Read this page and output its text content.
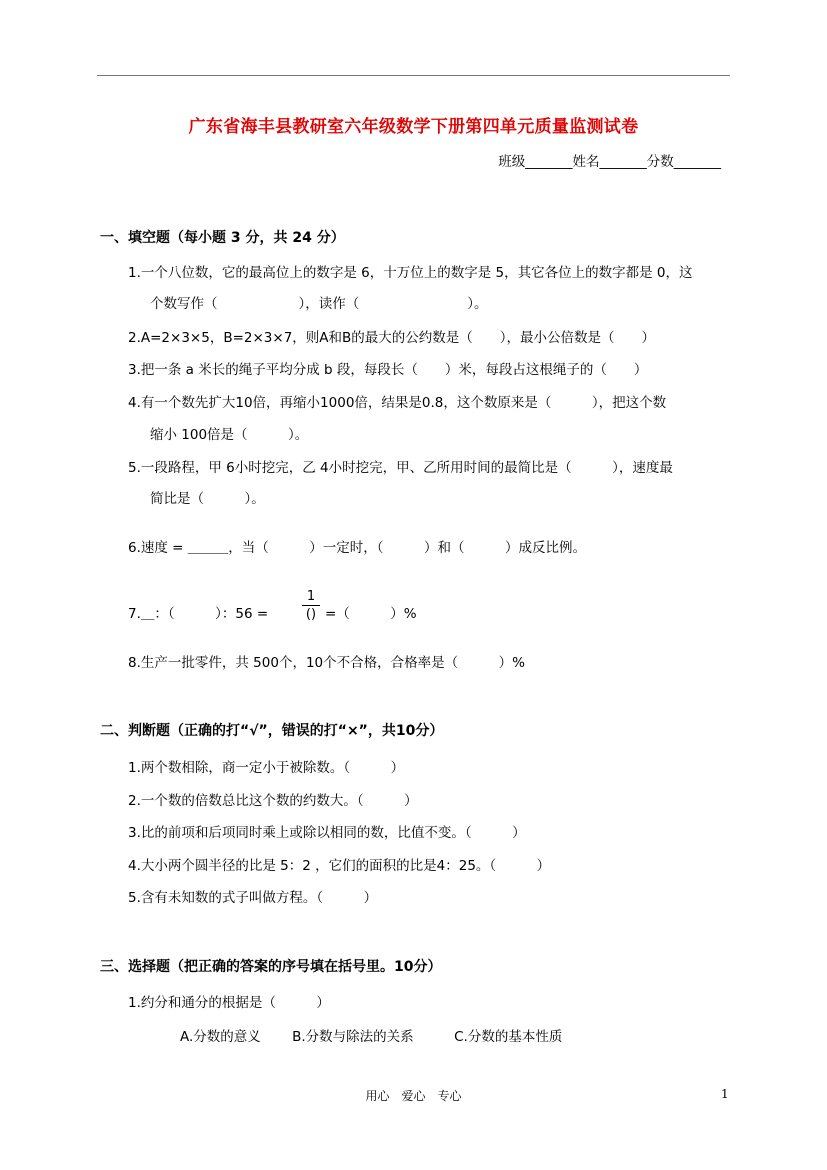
广东省海丰县教研室六年级数学下册第四单元质量监测试卷
班级_______姓名_______分数_______
一、填空题（每小题 3 分，共 24 分）
1.一个八位数，它的最高位上的数字是 6，十万位上的数字是 5，其它各位上的数字都是 0，这
个数写作（　　　　　　），读作（　　　　　　　　）。
2.A=2×3×5，B=2×3×7，则A和B的最大的公约数是（　　），最小公倍数是（　　）
3.把一条 a 米长的绳子平均分成 b 段，每段长（　　）米，每段占这根绳子的（　　）
4.有一个数先扩大10倍，再缩小1000倍，结果是0.8，这个数原来是（　　　），把这个数
缩小 100倍是（　　　）。
5.一段路程，甲 6小时挖完，乙 4小时挖完，甲、乙所用时间的最简比是（　　　），速度最
简比是（　　　）。
6.速度 = ＿＿＿，当（　　　）一定时，（　　　）和（　　　）成反比例。
7.＿：（　　　）：56 =
1
() =（　　　）%
8.生产一批零件，共 500个，10个不合格，合格率是（　　　）%
二、判断题（正确的打“√”，错误的打“×”，共10分）
1.两个数相除，商一定小于被除数。（　　　）
2.一个数的倍数总比这个数的约数大。（　　　）
3.比的前项和后项同时乘上或除以相同的数，比值不变。（　　　）
4.大小两个圆半径的比是 5：2 ，它们的面积的比是4：25。（　　　）
5.含有未知数的式子叫做方程。（　　　）
三、选择题（把正确的答案的序号填在括号里。10分）
1.约分和通分的根据是（　　　）
A.分数的意义　　 B.分数与除法的关系　　　C.分数的基本性质
用心　爱心　专心	1
